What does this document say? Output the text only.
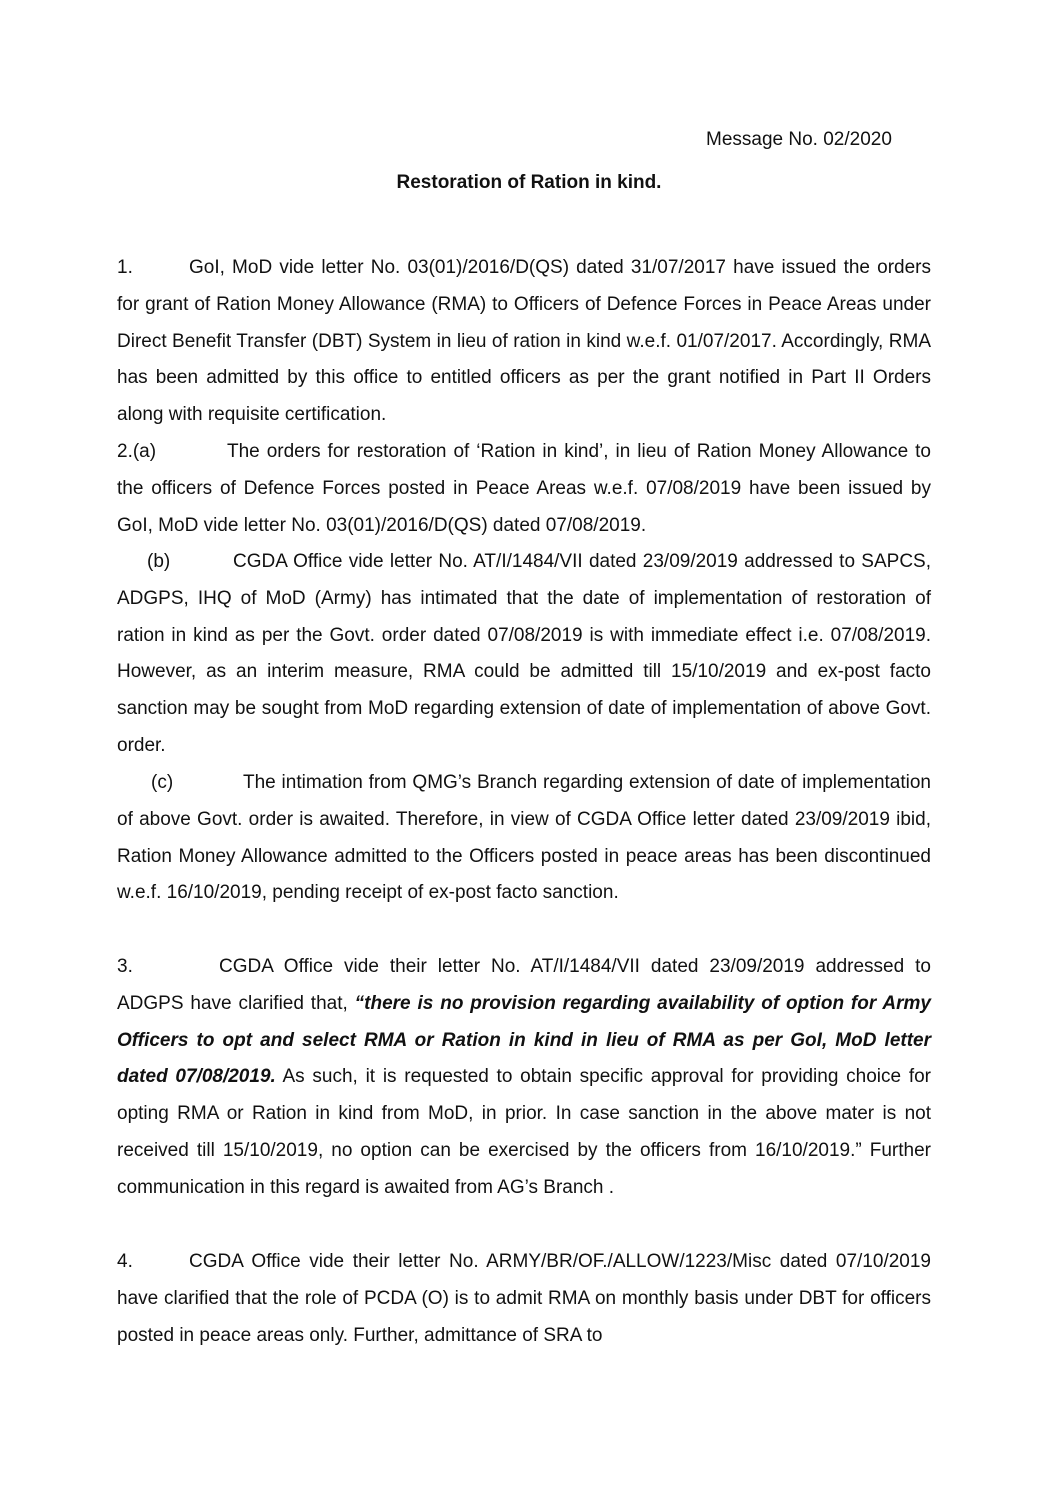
Message No. 02/2020
Restoration of Ration in kind.
1.	GoI, MoD vide letter No. 03(01)/2016/D(QS) dated 31/07/2017 have issued the orders for grant of Ration Money Allowance (RMA) to Officers of Defence Forces in Peace Areas under Direct Benefit Transfer (DBT) System in lieu of ration in kind w.e.f. 01/07/2017. Accordingly, RMA has been admitted by this office to entitled officers as per the grant notified in Part II Orders along with requisite certification.
2.(a)	The orders for restoration of ‘Ration in kind’, in lieu of Ration Money Allowance to the officers of Defence Forces posted in Peace Areas w.e.f. 07/08/2019 have been issued by GoI, MoD vide letter No. 03(01)/2016/D(QS) dated 07/08/2019.
(b)	CGDA Office vide letter No. AT/I/1484/VII dated 23/09/2019 addressed to SAPCS, ADGPS, IHQ of MoD (Army) has intimated that the date of implementation of restoration of ration in kind as per the Govt. order dated 07/08/2019 is with immediate effect i.e. 07/08/2019. However, as an interim measure, RMA could be admitted till 15/10/2019 and ex-post facto sanction may be sought from MoD regarding extension of date of implementation of above Govt. order.
(c)	The intimation from QMG’s Branch regarding extension of date of implementation of above Govt. order is awaited. Therefore, in view of CGDA Office letter dated 23/09/2019 ibid, Ration Money Allowance admitted to the Officers posted in peace areas has been discontinued w.e.f. 16/10/2019, pending receipt of ex-post facto sanction.
3.	CGDA Office vide their letter No. AT/I/1484/VII dated 23/09/2019 addressed to ADGPS have clarified that, “there is no provision regarding availability of option for Army Officers to opt and select RMA or Ration in kind in lieu of RMA as per GoI, MoD letter dated 07/08/2019. As such, it is requested to obtain specific approval for providing choice for opting RMA or Ration in kind from MoD, in prior. In case sanction in the above mater is not received till 15/10/2019, no option can be exercised by the officers from 16/10/2019.” Further communication in this regard is awaited from AG’s Branch .
4.	CGDA Office vide their letter No. ARMY/BR/OF./ALLOW/1223/Misc dated 07/10/2019 have clarified that the role of PCDA (O) is to admit RMA on monthly basis under DBT for officers posted in peace areas only. Further, admittance of SRA to
